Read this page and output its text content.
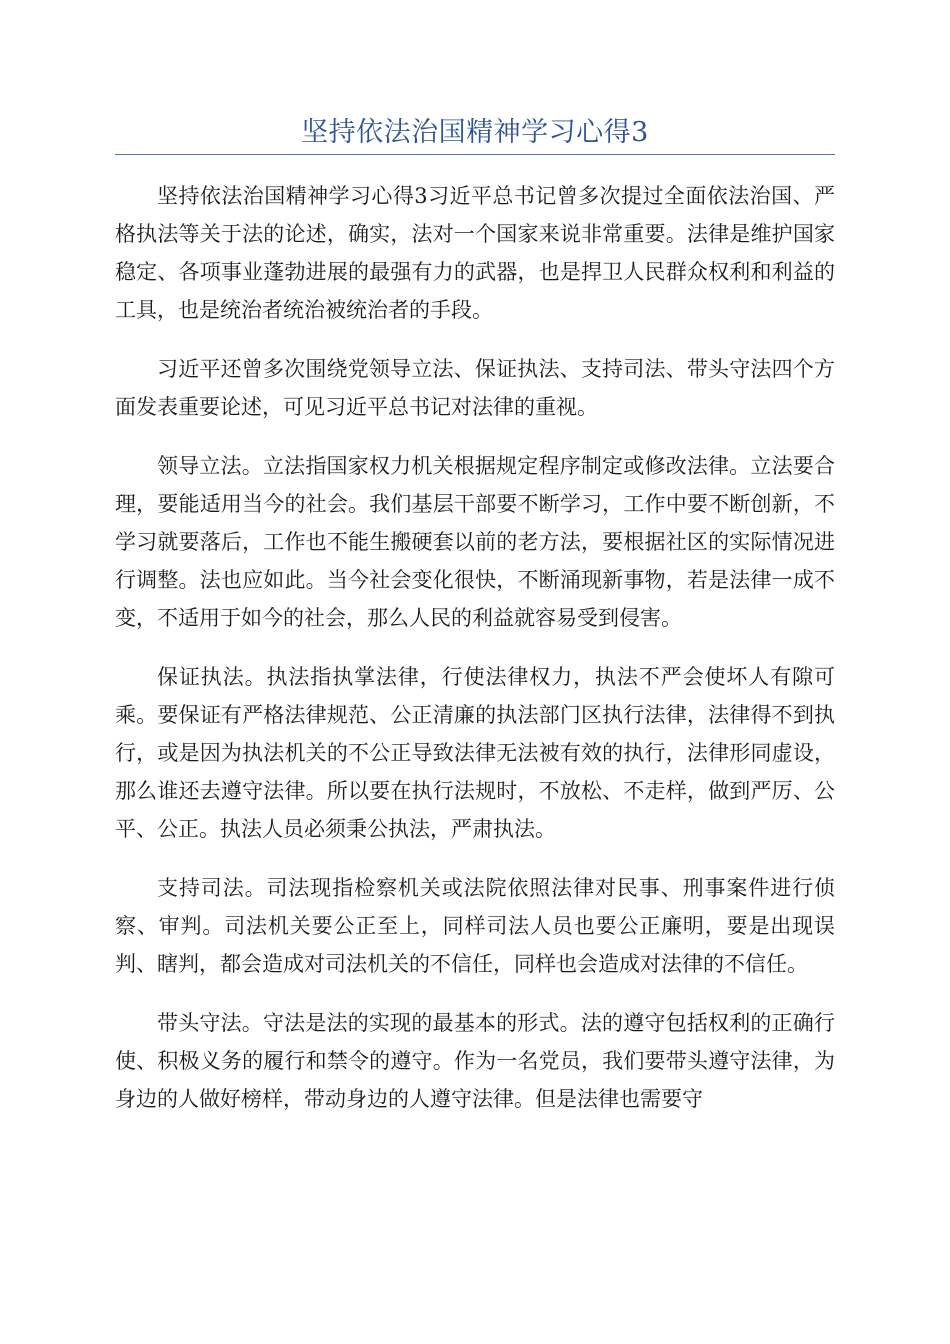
坚持依法治国精神学习心得3

坚持依法治国精神学习心得3习近平总书记曾多次提过全面依法治国、严格执法等关于法的论述，确实，法对一个国家来说非常重要。法律是维护国家稳定、各项事业蓬勃进展的最强有力的武器，也是捍卫人民群众权利和利益的工具，也是统治者统治被统治者的手段。

习近平还曾多次围绕党领导立法、保证执法、支持司法、带头守法四个方面发表重要论述，可见习近平总书记对法律的重视。

领导立法。立法指国家权力机关根据规定程序制定或修改法律。立法要合理，要能适用当今的社会。我们基层干部要不断学习，工作中要不断创新，不学习就要落后，工作也不能生搬硬套以前的老方法，要根据社区的实际情况进行调整。法也应如此。当今社会变化很快，不断涌现新事物，若是法律一成不变，不适用于如今的社会，那么人民的利益就容易受到侵害。

保证执法。执法指执掌法律，行使法律权力，执法不严会使坏人有隙可乘。要保证有严格法律规范、公正清廉的执法部门区执行法律，法律得不到执行，或是因为执法机关的不公正导致法律无法被有效的执行，法律形同虚设，那么谁还去遵守法律。所以要在执行法规时，不放松、不走样，做到严厉、公平、公正。执法人员必须秉公执法，严肃执法。

支持司法。司法现指检察机关或法院依照法律对民事、刑事案件进行侦察、审判。司法机关要公正至上，同样司法人员也要公正廉明，要是出现误判、瞎判，都会造成对司法机关的不信任，同样也会造成对法律的不信任。

带头守法。守法是法的实现的最基本的形式。法的遵守包括权利的正确行使、积极义务的履行和禁令的遵守。作为一名党员，我们要带头遵守法律，为身边的人做好榜样，带动身边的人遵守法律。但是法律也需要守
